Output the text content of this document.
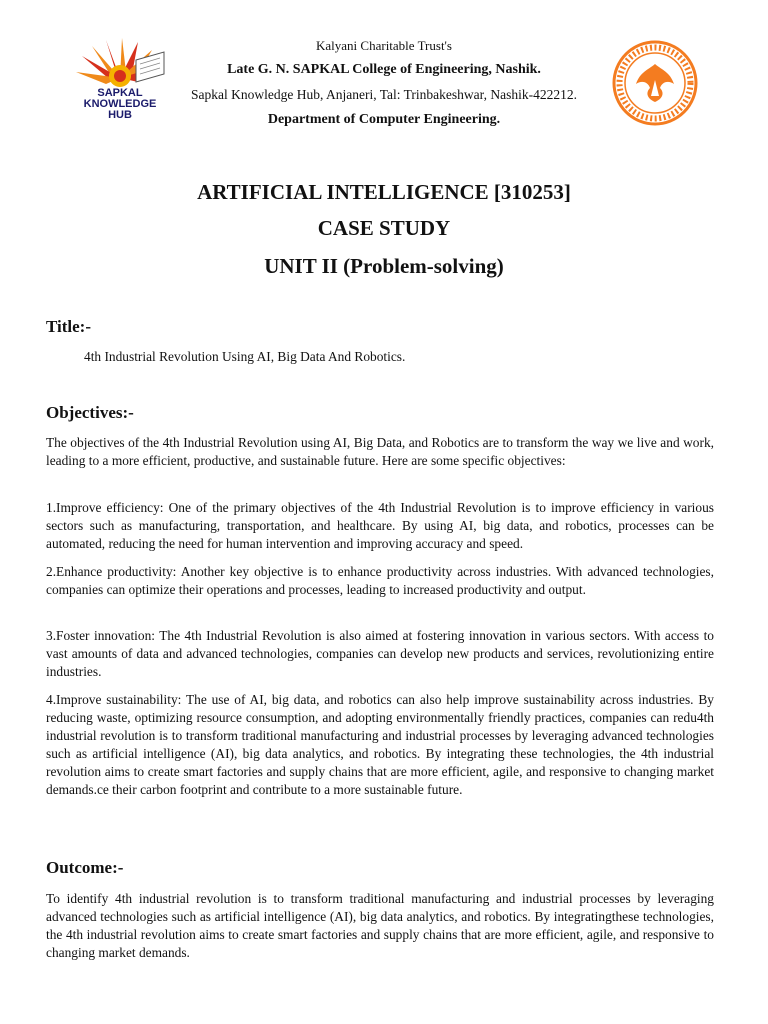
SAPKAL
KNOWLEDGE
HUB
Kalyani Charitable Trust's
Late G. N. SAPKAL College of Engineering, Nashik.
Sapkal Knowledge Hub, Anjaneri, Tal: Trinbakeshwar, Nashik-422212.
Department of Computer Engineering.
ARTIFICIAL INTELLIGENCE [310253]
CASE STUDY
UNIT II (Problem-solving)
Title:-

4th Industrial Revolution Using AI, Big Data And Robotics.

Objectives:-

The objectives of the 4th Industrial Revolution using AI, Big Data, and Robotics are to transform the way we live and work, leading to a more efficient, productive, and sustainable future. Here are some specific objectives:

1.Improve efficiency: One of the primary objectives of the 4th Industrial Revolution is to improve efficiency in various sectors such as manufacturing, transportation, and healthcare. By using AI, big data, and robotics, processes can be automated, reducing the need for human intervention and improving accuracy and speed.

2.Enhance productivity: Another key objective is to enhance productivity across industries. With advanced technologies, companies can optimize their operations and processes, leading to increased productivity and output.

3.Foster innovation: The 4th Industrial Revolution is also aimed at fostering innovation in various sectors. With access to vast amounts of data and advanced technologies, companies can develop new products and services, revolutionizing entire industries.

4.Improve sustainability: The use of AI, big data, and robotics can also help improve sustainability across industries. By reducing waste, optimizing resource consumption, and adopting environmentally friendly practices, companies can redu4th industrial revolution is to transform traditional manufacturing and industrial processes by leveraging advanced technologies such as artificial intelligence (AI), big data analytics, and robotics. By integrating these technologies, the 4th industrial revolution aims to create smart factories and supply chains that are more efficient, agile, and responsive to changing market demands.ce their carbon footprint and contribute to a more sustainable future.

Outcome:-

To identify 4th industrial revolution is to transform traditional manufacturing and industrial processes by leveraging advanced technologies such as artificial intelligence (AI), big data analytics, and robotics. By integratingthese technologies, the 4th industrial revolution aims to create smart factories and supply chains that are more efficient, agile, and responsive to changing market demands.
